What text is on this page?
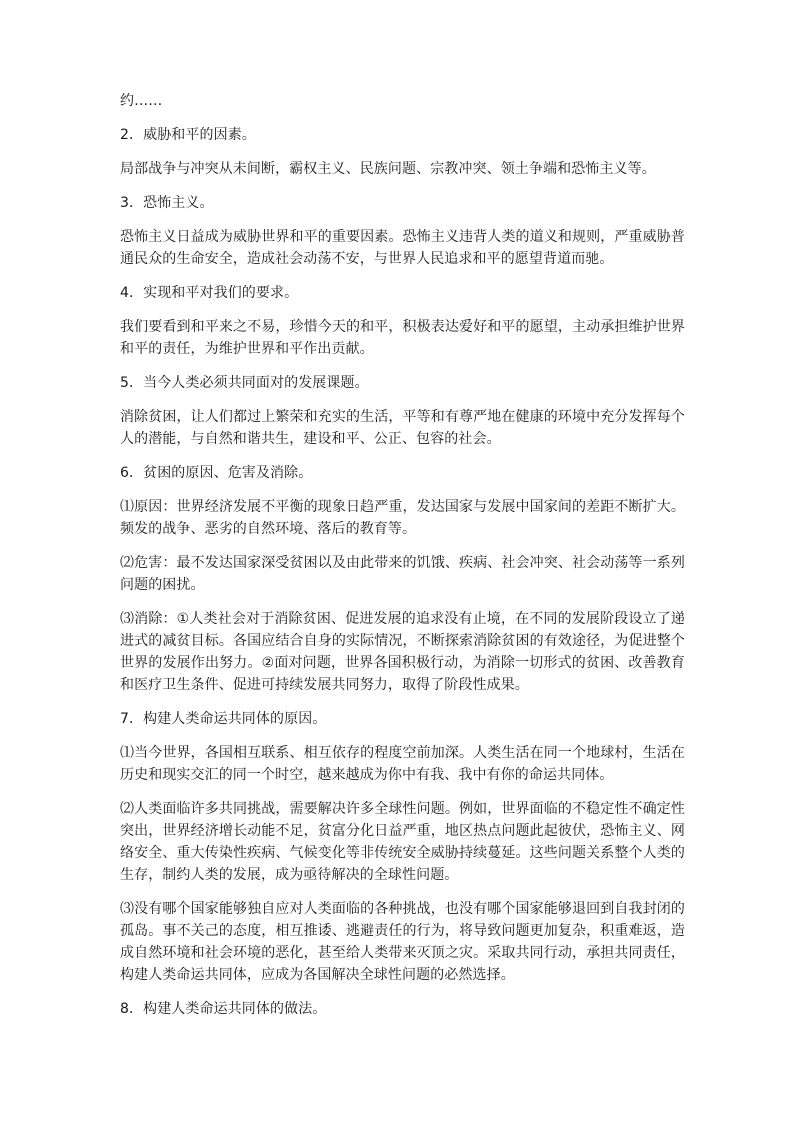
约……

2．威胁和平的因素。

局部战争与冲突从未间断，霸权主义、民族问题、宗教冲突、领土争端和恐怖主义等。

3．恐怖主义。

恐怖主义日益成为威胁世界和平的重要因素。恐怖主义违背人类的道义和规则，严重威胁普通民众的生命安全，造成社会动荡不安，与世界人民追求和平的愿望背道而驰。

4．实现和平对我们的要求。

我们要看到和平来之不易，珍惜今天的和平，积极表达爱好和平的愿望，主动承担维护世界和平的责任，为维护世界和平作出贡献。

5．当今人类必须共同面对的发展课题。

消除贫困，让人们都过上繁荣和充实的生活，平等和有尊严地在健康的环境中充分发挥每个人的潜能，与自然和谐共生，建设和平、公正、包容的社会。

6．贫困的原因、危害及消除。

⑴原因：世界经济发展不平衡的现象日趋严重，发达国家与发展中国家间的差距不断扩大。频发的战争、恶劣的自然环境、落后的教育等。

⑵危害：最不发达国家深受贫困以及由此带来的饥饿、疾病、社会冲突、社会动荡等一系列问题的困扰。

⑶消除：①人类社会对于消除贫困、促进发展的追求没有止境，在不同的发展阶段设立了递进式的减贫目标。各国应结合自身的实际情况，不断探索消除贫困的有效途径，为促进整个世界的发展作出努力。②面对问题，世界各国积极行动，为消除一切形式的贫困、改善教育和医疗卫生条件、促进可持续发展共同努力，取得了阶段性成果。

7．构建人类命运共同体的原因。

⑴当今世界，各国相互联系、相互依存的程度空前加深。人类生活在同一个地球村，生活在历史和现实交汇的同一个时空，越来越成为你中有我、我中有你的命运共同体。

⑵人类面临许多共同挑战，需要解决许多全球性问题。例如，世界面临的不稳定性不确定性突出，世界经济增长动能不足，贫富分化日益严重，地区热点问题此起彼伏，恐怖主义、网络安全、重大传染性疾病、气候变化等非传统安全威胁持续蔓延。这些问题关系整个人类的生存，制约人类的发展，成为亟待解决的全球性问题。

⑶没有哪个国家能够独自应对人类面临的各种挑战，也没有哪个国家能够退回到自我封闭的孤岛。事不关己的态度，相互推诿、逃避责任的行为，将导致问题更加复杂，积重难返，造成自然环境和社会环境的恶化，甚至给人类带来灭顶之灾。采取共同行动，承担共同责任，构建人类命运共同体，应成为各国解决全球性问题的必然选择。

8．构建人类命运共同体的做法。
